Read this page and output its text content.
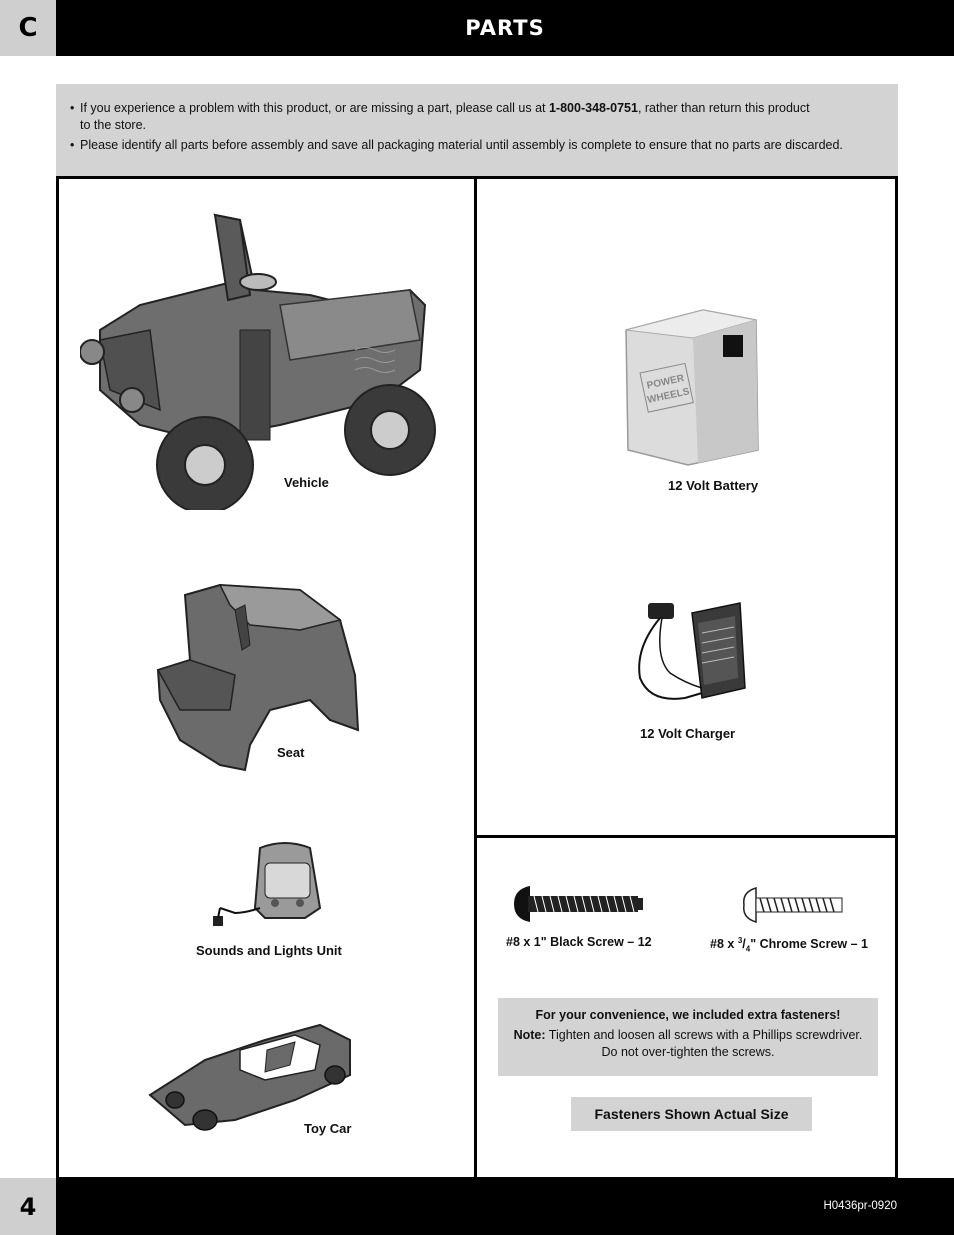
C	PARTS
• If you experience a problem with this product, or are missing a part, please call us at 1-800-348-0751, rather than return this product
to the store.
• Please identify all parts before assembly and save all packaging material until assembly is complete to ensure that no parts are discarded.
Vehicle
Seat
Sounds and Lights Unit
Toy Car
POWER
WHEELS
12 Volt Battery
12 Volt Charger
#8 x 1" Black Screw – 12	#8 x $^3/_4$" Chrome Screw – 1
For your convenience, we included extra fasteners!
Note: Tighten and loosen all screws with a Phillips screwdriver.
Do not over-tighten the screws.
Fasteners Shown Actual Size
4	H0436pr-0920
